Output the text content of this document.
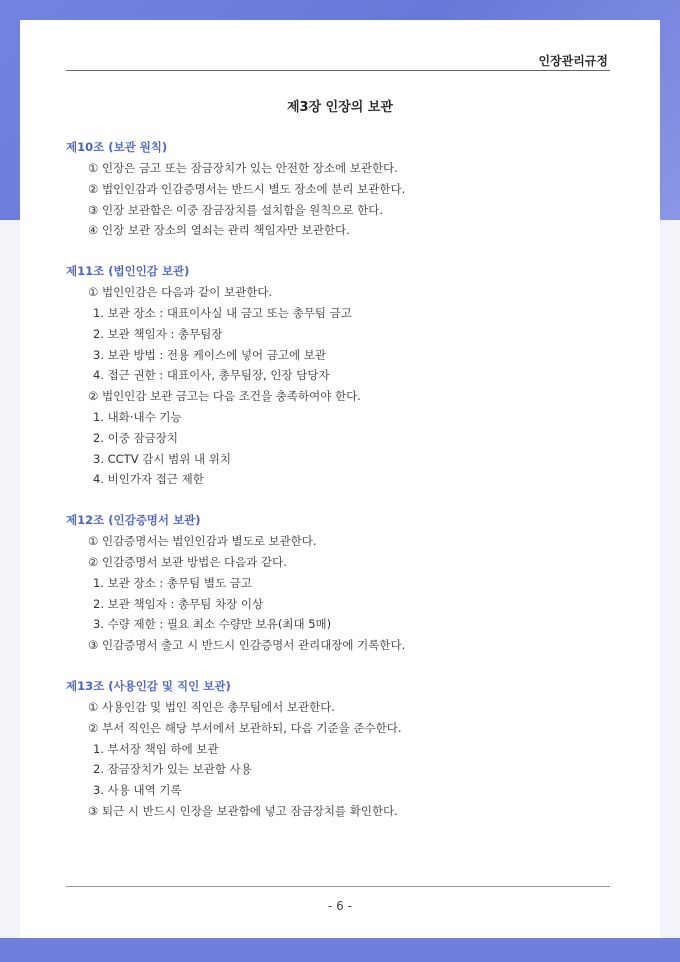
인장관리규정
제3장 인장의 보관
제10조 (보관 원칙)
① 인장은 금고 또는 잠금장치가 있는 안전한 장소에 보관한다.
② 법인인감과 인감증명서는 반드시 별도 장소에 분리 보관한다.
③ 인장 보관함은 이중 잠금장치를 설치함을 원칙으로 한다.
④ 인장 보관 장소의 열쇠는 관리 책임자만 보관한다.
제11조 (법인인감 보관)
① 법인인감은 다음과 같이 보관한다.
1. 보관 장소 : 대표이사실 내 금고 또는 총무팀 금고
2. 보관 책임자 : 총무팀장
3. 보관 방법 : 전용 케이스에 넣어 금고에 보관
4. 접근 권한 : 대표이사, 총무팀장, 인장 담당자
② 법인인감 보관 금고는 다음 조건을 충족하여야 한다.
1. 내화·내수 기능
2. 이중 잠금장치
3. CCTV 감시 범위 내 위치
4. 비인가자 접근 제한
제12조 (인감증명서 보관)
① 인감증명서는 법인인감과 별도로 보관한다.
② 인감증명서 보관 방법은 다음과 같다.
1. 보관 장소 : 총무팀 별도 금고
2. 보관 책임자 : 총무팀 차장 이상
3. 수량 제한 : 필요 최소 수량만 보유(최대 5매)
③ 인감증명서 출고 시 반드시 인감증명서 관리대장에 기록한다.
제13조 (사용인감 및 직인 보관)
① 사용인감 및 법인 직인은 총무팀에서 보관한다.
② 부서 직인은 해당 부서에서 보관하되, 다음 기준을 준수한다.
1. 부서장 책임 하에 보관
2. 잠금장치가 있는 보관함 사용
3. 사용 내역 기록
③ 퇴근 시 반드시 인장을 보관함에 넣고 잠금장치를 확인한다.
- 6 -
